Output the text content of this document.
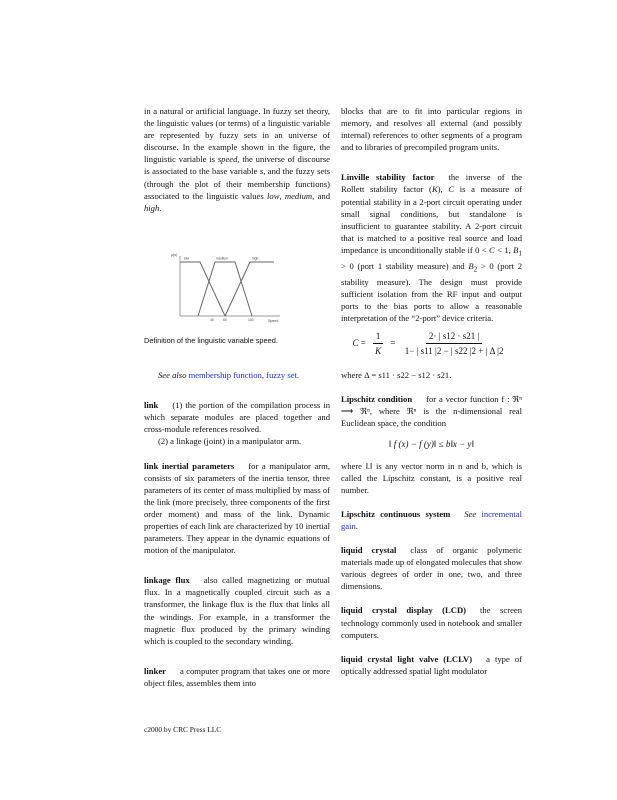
in a natural or artificial language. In fuzzy set theory, the linguistic values (or terms) of a linguistic variable are represented by fuzzy sets in an universe of discourse. In the example shown in the figure, the linguistic variable is speed, the universe of discourse is associated to the base variable s, and the fuzzy sets (through the plot of their membership functions) associated to the linguistic values low, medium, and high.

µ(s)
Speed
low	medium	high
40	60	100
Definition of the linguistic variable speed.

See also membership function, fuzzy set.

link (1) the portion of the compilation process in which separate modules are placed together and cross-module references resolved.

(2) a linkage (joint) in a manipulator arm.

link inertial parameters for a manipulator arm, consists of six parameters of the inertia tensor, three parameters of its center of mass multiplied by mass of the link (more precisely, three components of the first order moment) and mass of the link. Dynamic properties of each link are characterized by 10 inertial parameters. They appear in the dynamic equations of motion of the manipulator.

linkage flux also called magnetizing or mutual flux. In a magnetically coupled circuit such as a transformer, the linkage flux is the flux that links all the windings. For example, in a transformer the magnetic flux produced by the primary winding which is coupled to the secondary winding.

linker a computer program that takes one or more object files, assembles them into

blocks that are to fit into particular regions in memory, and resolves all external (and possibly internal) references to other segments of a program and to libraries of precompiled program units.

Linville stability factor the inverse of the Rollett stability factor (K), C is a measure of potential stability in a 2-port circuit operating under small signal conditions, but standalone is insufficient to guarantee stability. A 2-port circuit that is matched to a positive real source and load impedance is unconditionally stable if 0 < C < 1, $B_1 > 0$ (port 1 stability measure) and $B_2 > 0$ (port 2 stability measure). The design must provide sufficient isolation from the RF input and output ports to the bias ports to allow a reasonable interpretation of the “2-port” device criteria.

$C = \frac{1}{K} = \frac{2\cdot | s12 \cdot s21 |}{1- | s11 |2 - | s22 |2 + | \Delta |2}$

where Δ = s11 · s22 − s12 · s21.

Lipschitz condition for a vector function f : ℜⁿ ⟶ ℜⁿ, where ℜⁿ is the n-dimensional real Euclidean space, the condition

‖ f (x) − f (y)‖ ≤ b‖x − y‖

where ‖.‖ is any vector norm in n and b, which is called the Lipschitz constant, is a positive real number.

Lipschitz continuous system See incremental gain.

liquid crystal class of organic polymeric materials made up of elongated molecules that show various degrees of order in one, two, and three dimensions.

liquid crystal display (LCD) the screen technology commonly used in notebook and smaller computers.

liquid crystal light valve (LCLV) a type of optically addressed spatial light modulator

c2000 by CRC Press LLC
